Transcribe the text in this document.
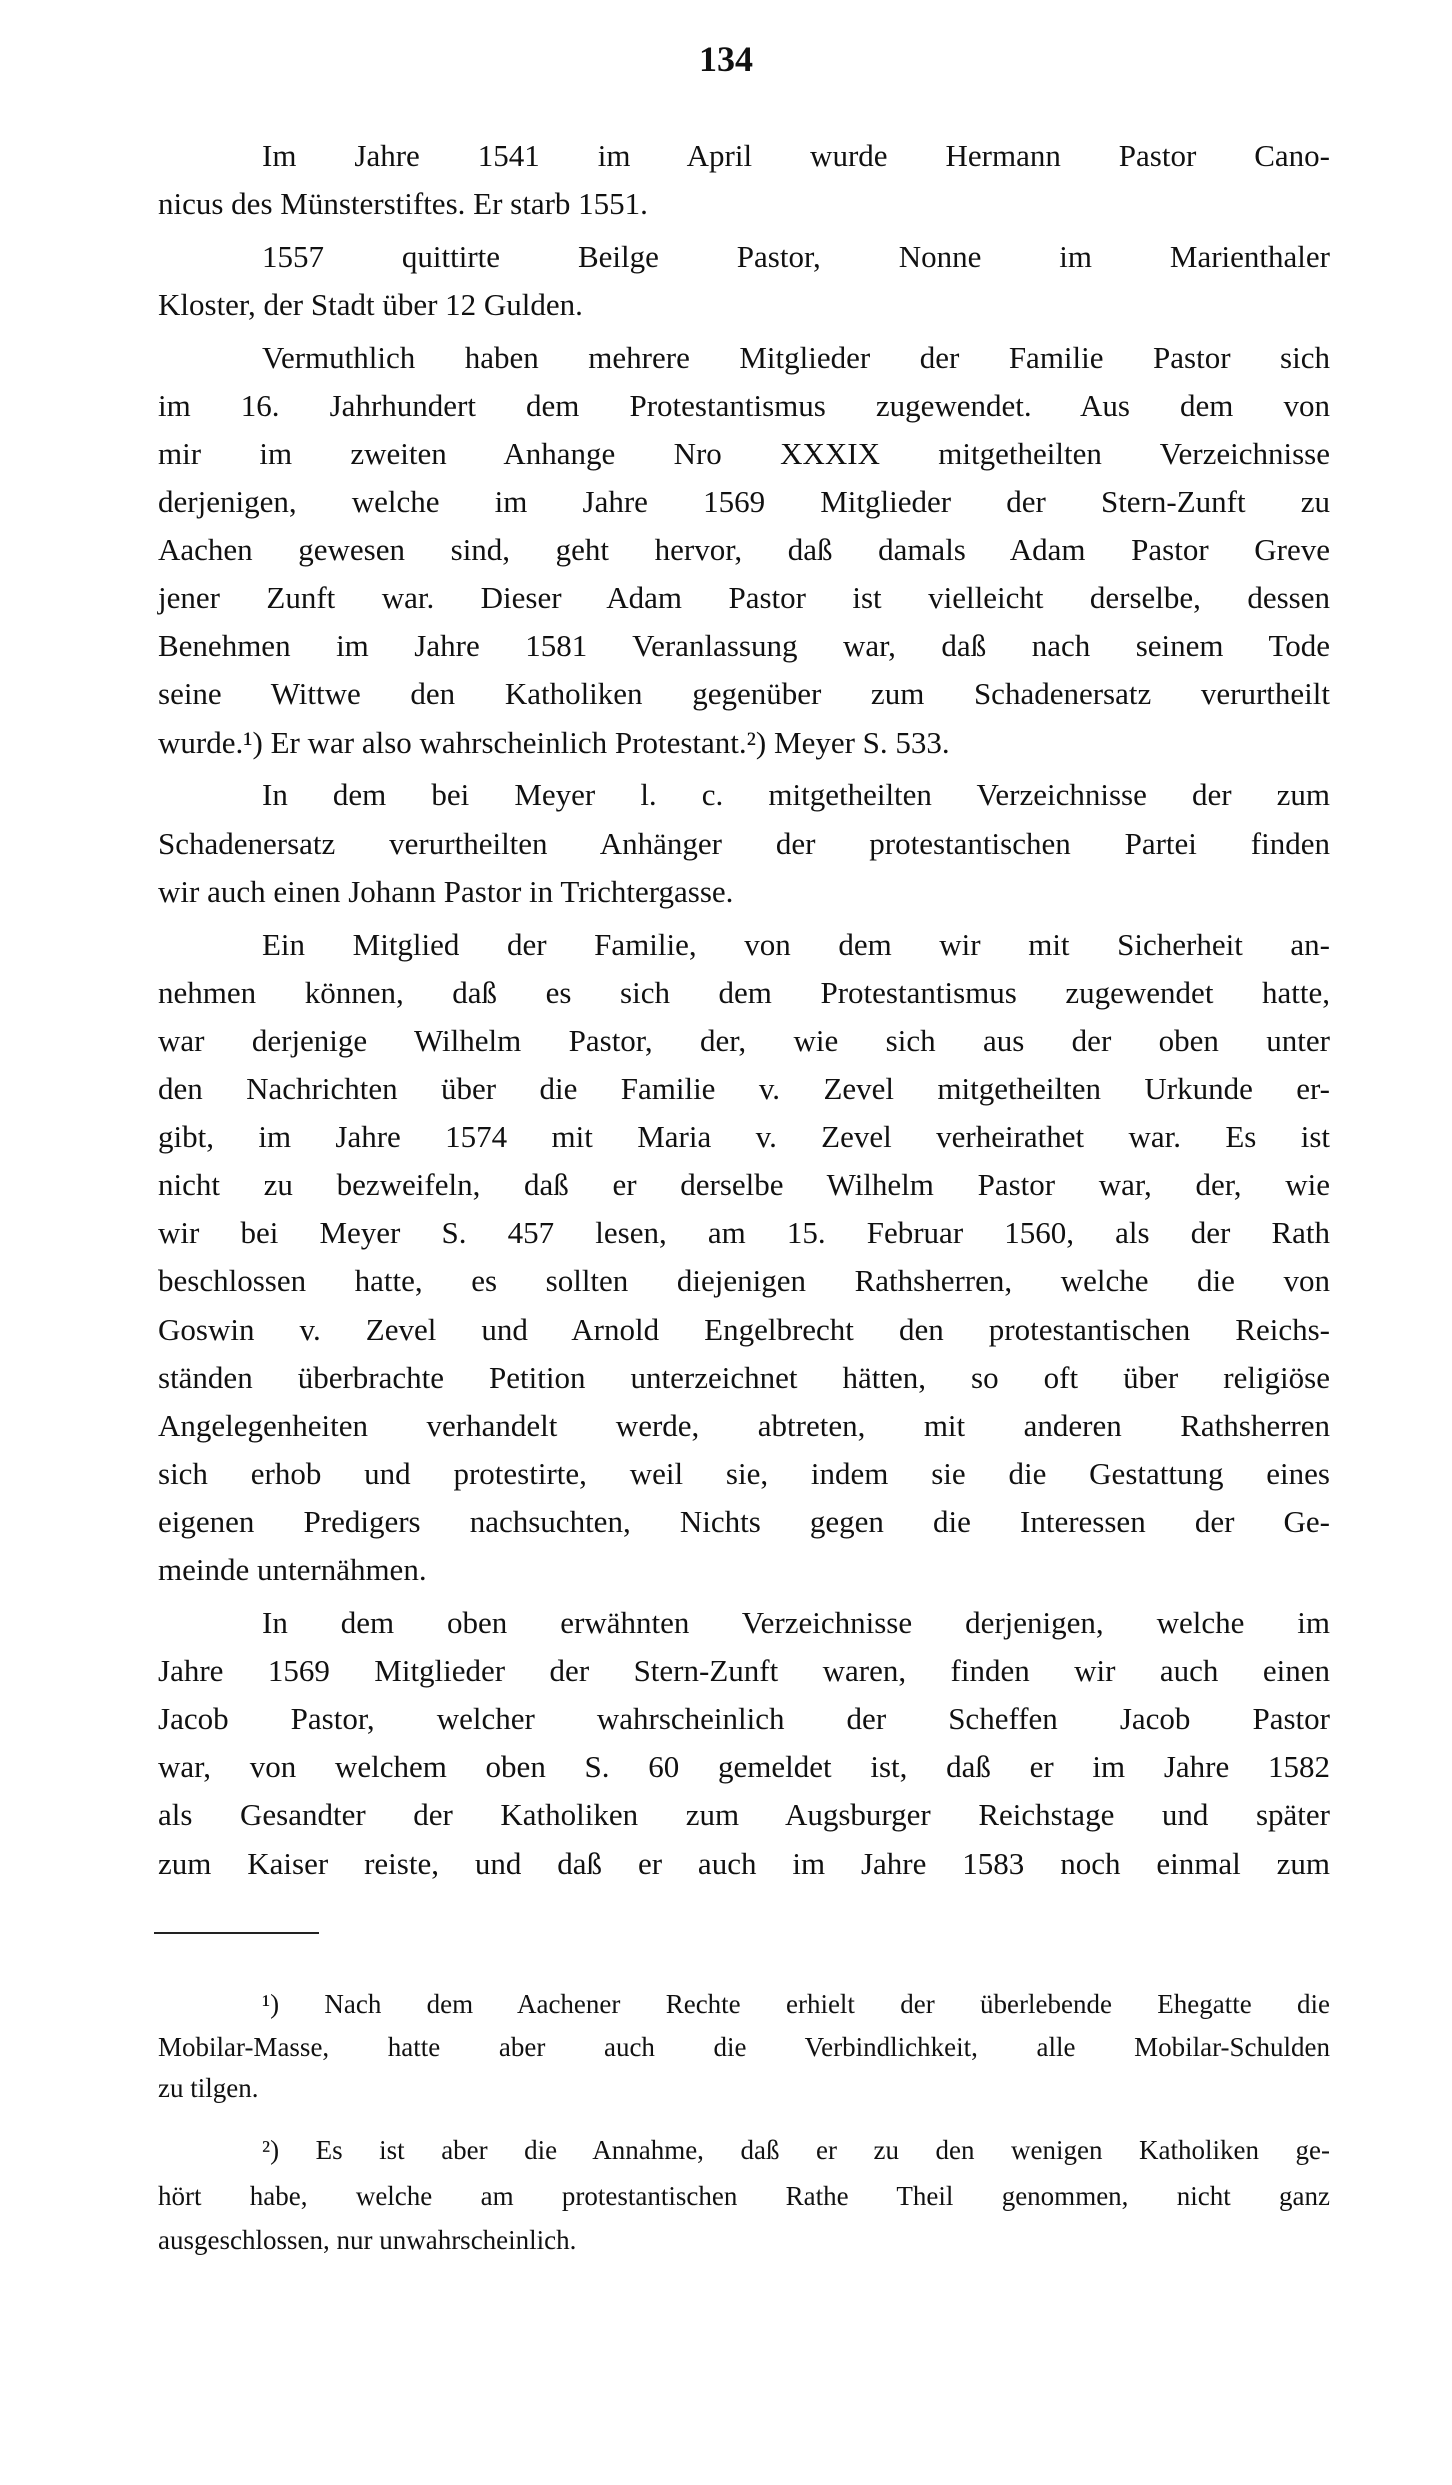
134
Im Jahre 1541 im April wurde Hermann Pastor Cano-
nicus des Münsterstiftes. Er starb 1551.
1557 quittirte Beilge Pastor, Nonne im Marienthaler
Kloster, der Stadt über 12 Gulden.
Vermuthlich haben mehrere Mitglieder der Familie Pastor sich
im 16. Jahrhundert dem Protestantismus zugewendet. Aus dem von
mir im zweiten Anhange Nro XXXIX mitgetheilten Verzeichnisse
derjenigen, welche im Jahre 1569 Mitglieder der Stern-Zunft zu
Aachen gewesen sind, geht hervor, daß damals Adam Pastor Greve
jener Zunft war. Dieser Adam Pastor ist vielleicht derselbe, dessen
Benehmen im Jahre 1581 Veranlassung war, daß nach seinem Tode
seine Wittwe den Katholiken gegenüber zum Schadenersatz verurtheilt
wurde.¹) Er war also wahrscheinlich Protestant.²) Meyer S. 533.
In dem bei Meyer l. c. mitgetheilten Verzeichnisse der zum
Schadenersatz verurtheilten Anhänger der protestantischen Partei finden
wir auch einen Johann Pastor in Trichtergasse.
Ein Mitglied der Familie, von dem wir mit Sicherheit an-
nehmen können, daß es sich dem Protestantismus zugewendet hatte,
war derjenige Wilhelm Pastor, der, wie sich aus der oben unter
den Nachrichten über die Familie v. Zevel mitgetheilten Urkunde er-
gibt, im Jahre 1574 mit Maria v. Zevel verheirathet war. Es ist
nicht zu bezweifeln, daß er derselbe Wilhelm Pastor war, der, wie
wir bei Meyer S. 457 lesen, am 15. Februar 1560, als der Rath
beschlossen hatte, es sollten diejenigen Rathsherren, welche die von
Goswin v. Zevel und Arnold Engelbrecht den protestantischen Reichs-
ständen überbrachte Petition unterzeichnet hätten, so oft über religiöse
Angelegenheiten verhandelt werde, abtreten, mit anderen Rathsherren
sich erhob und protestirte, weil sie, indem sie die Gestattung eines
eigenen Predigers nachsuchten, Nichts gegen die Interessen der Ge-
meinde unternähmen.
In dem oben erwähnten Verzeichnisse derjenigen, welche im
Jahre 1569 Mitglieder der Stern-Zunft waren, finden wir auch einen
Jacob Pastor, welcher wahrscheinlich der Scheffen Jacob Pastor
war, von welchem oben S. 60 gemeldet ist, daß er im Jahre 1582
als Gesandter der Katholiken zum Augsburger Reichstage und später
zum Kaiser reiste, und daß er auch im Jahre 1583 noch einmal zum
¹) Nach dem Aachener Rechte erhielt der überlebende Ehegatte die
Mobilar-Masse, hatte aber auch die Verbindlichkeit, alle Mobilar-Schulden
zu tilgen.
²) Es ist aber die Annahme, daß er zu den wenigen Katholiken ge-
hört habe, welche am protestantischen Rathe Theil genommen, nicht ganz
ausgeschlossen, nur unwahrscheinlich.
